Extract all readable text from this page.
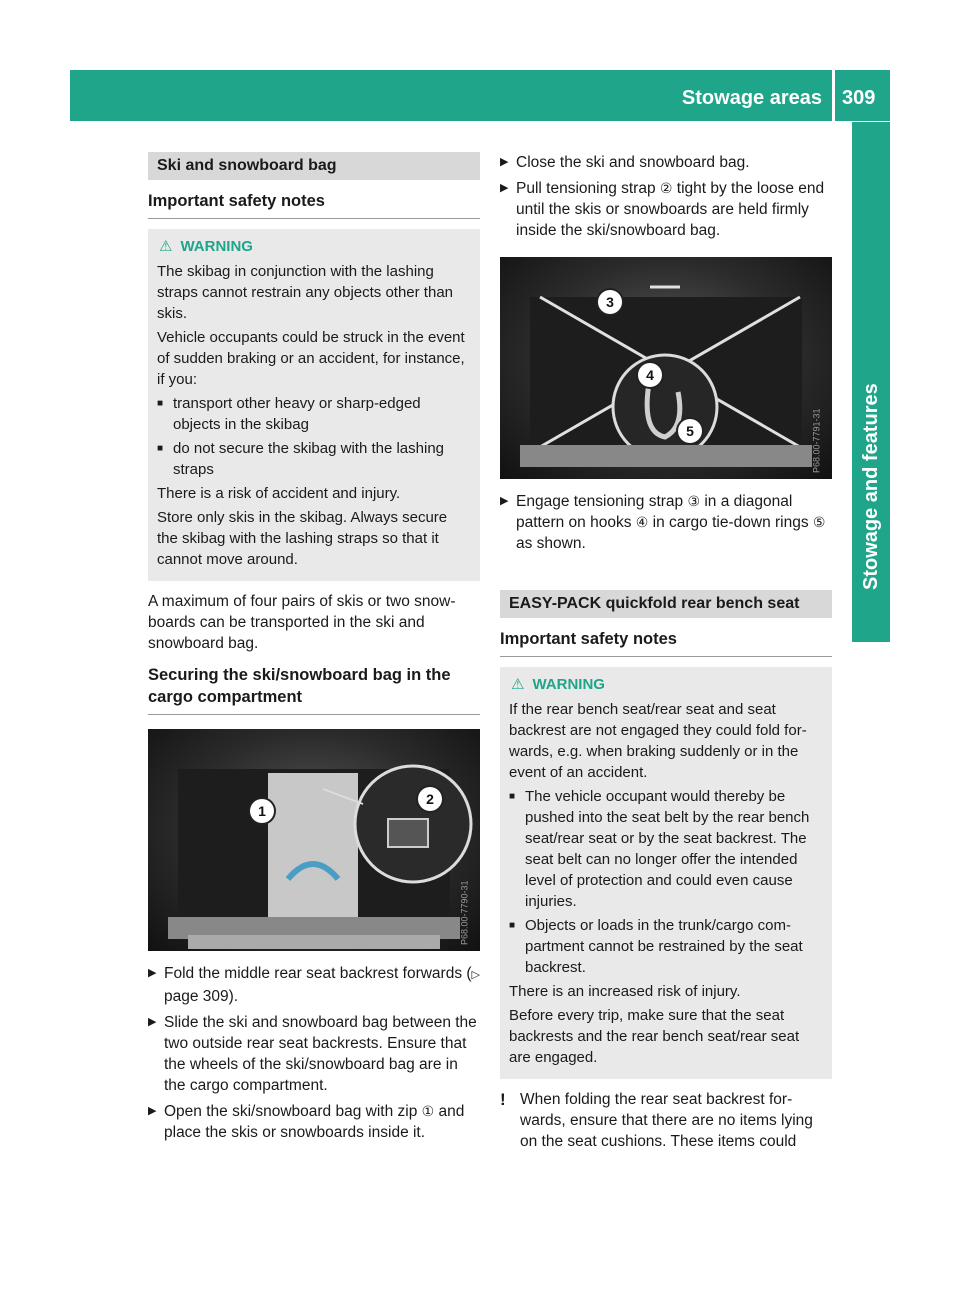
Stowage areas 309
Ski and snowboard bag
Important safety notes
⚠ WARNING

The skibag in conjunction with the lashing straps cannot restrain any objects other than skis.

Vehicle occupants could be struck in the event of sudden braking or an accident, for instance, if you:

■ transport other heavy or sharp-edged objects in the skibag
■ do not secure the skibag with the lashing straps

There is a risk of accident and injury.

Store only skis in the skibag. Always secure the skibag with the lashing straps so that it cannot move around.

A maximum of four pairs of skis or two snow-boards can be transported in the ski and snowboard bag.

Securing the ski/snowboard bag in the cargo compartment
1
2
P68.00-7790-31
▶ Fold the middle rear seat backrest forwards (▷ page 309).
▶ Slide the ski and snowboard bag between the two outside rear seat backrests. Ensure that the wheels of the ski/snowboard bag are in the cargo compartment.
▶ Open the ski/snowboard bag with zip ① and place the skis or snowboards inside it.
▶ Close the ski and snowboard bag.
▶ Pull tensioning strap ② tight by the loose end until the skis or snowboards are held firmly inside the ski/snowboard bag.
3
4
5	P68.00-7791-31
▶ Engage tensioning strap ③ in a diagonal pattern on hooks ④ in cargo tie-down rings ⑤ as shown.
EASY-PACK quickfold rear bench seat
Important safety notes
⚠ WARNING

If the rear bench seat/rear seat and seat backrest are not engaged they could fold for-wards, e.g. when braking suddenly or in the event of an accident.

■ The vehicle occupant would thereby be pushed into the seat belt by the rear bench seat/rear seat or by the seat backrest. The seat belt can no longer offer the intended level of protection and could even cause injuries.
■ Objects or loads in the trunk/cargo com-partment cannot be restrained by the seat backrest.

There is an increased risk of injury.

Before every trip, make sure that the seat backrests and the rear bench seat/rear seat are engaged.

! When folding the rear seat backrest for-wards, ensure that there are no items lying on the seat cushions. These items could
